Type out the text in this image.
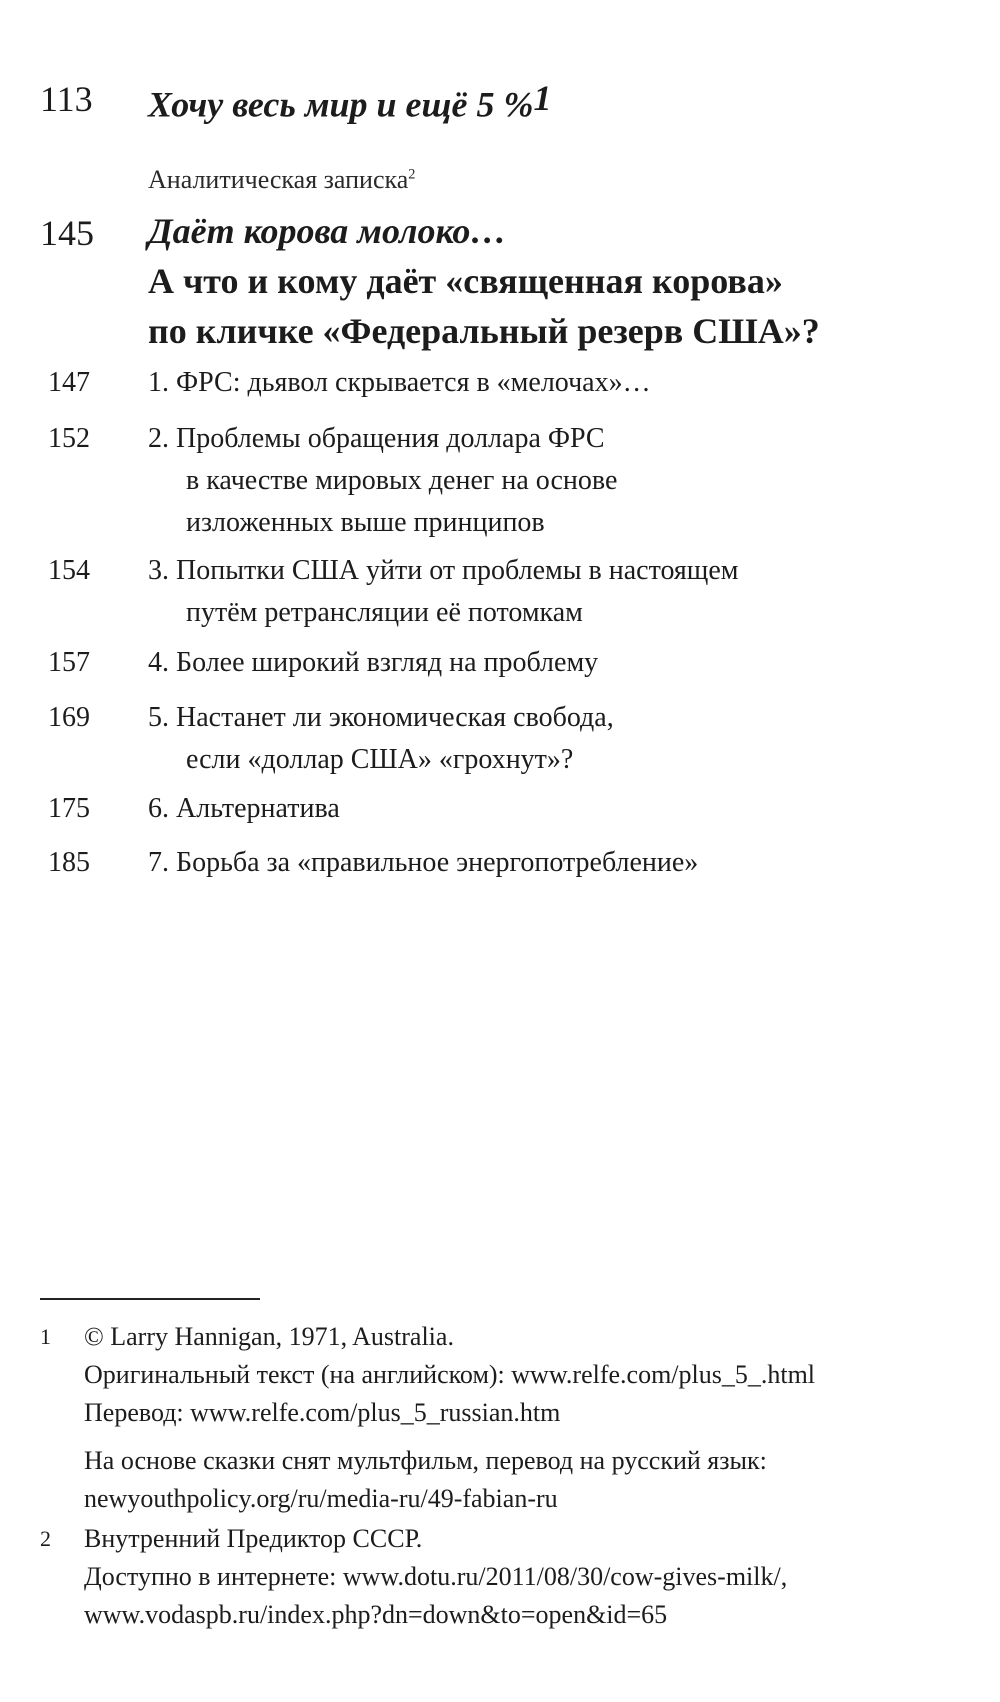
113	Хочу весь мир и ещё 5 %$^1$
Аналитическая записка$^2$
145	Даёт корова молоко…
А что и кому даёт «священная корова»
по кличке «Федеральный резерв США»?
147	1. ФРС: дьявол скрывается в «мелочах»…
152	2. Проблемы обращения доллара ФРС
в качестве мировых денег на основе
изложенных выше принципов
154	3. Попытки США уйти от проблемы в настоящем
путём ретрансляции её потомкам
157	4. Более широкий взгляд на проблему
169	5. Настанет ли экономическая свобода,
если «доллар США» «грохнут»?
175	6. Альтернатива
185	7. Борьба за «правильное энергопотребление»
1 © Larry Hannigan, 1971, Australia.
Оригинальный текст (на английском): www.relfe.com/plus_5_.html
Перевод: www.relfe.com/plus_5_russian.htm
На основе сказки снят мультфильм, перевод на русский язык:
newyouthpolicy.org/ru/media-ru/49-fabian-ru
2 Внутренний Предиктор СССР.
Доступно в интернете: www.dotu.ru/2011/08/30/cow-gives-milk/,
www.vodaspb.ru/index.php?dn=down&to=open&id=65
